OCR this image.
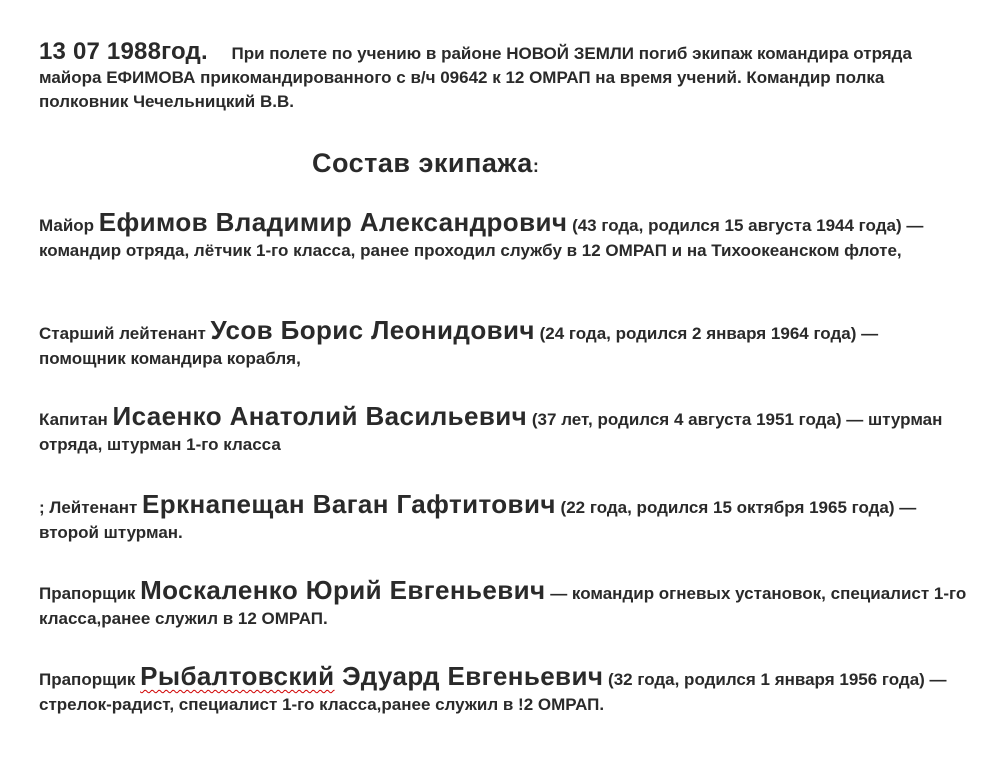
13 07 1988год. При полете по учению в районе НОВОЙ ЗЕМЛИ погиб экипаж командира отряда майора ЕФИМОВА прикомандированного с в/ч 09642 к 12 ОМРАП на время учений. Командир полка полковник Чечельницкий В.В.
Состав экипажа:
Майор Ефимов Владимир Александрович (43 года, родился 15 августа 1944 года) — командир отряда, лётчик 1-го класса, ранее проходил службу в 12 ОМРАП и на Тихоокеанском флоте,
Старший лейтенант Усов Борис Леонидович (24 года, родился 2 января 1964 года) — помощник командира корабля,
Капитан Исаенко Анатолий Васильевич (37 лет, родился 4 августа 1951 года) — штурман отряда, штурман 1-го класса
; Лейтенант Еркнапещан Ваган Гафтитович (22 года, родился 15 октября 1965 года) — второй штурман.
Прапорщик Москаленко Юрий Евгеньевич — командир огневых установок, специалист 1-го класса,ранее служил в 12 ОМРАП.
Прапорщик Рыбалтовский Эдуард Евгеньевич (32 года, родился 1 января 1956 года) — стрелок-радист, специалист 1-го класса,ранее служил в !2 ОМРАП.
